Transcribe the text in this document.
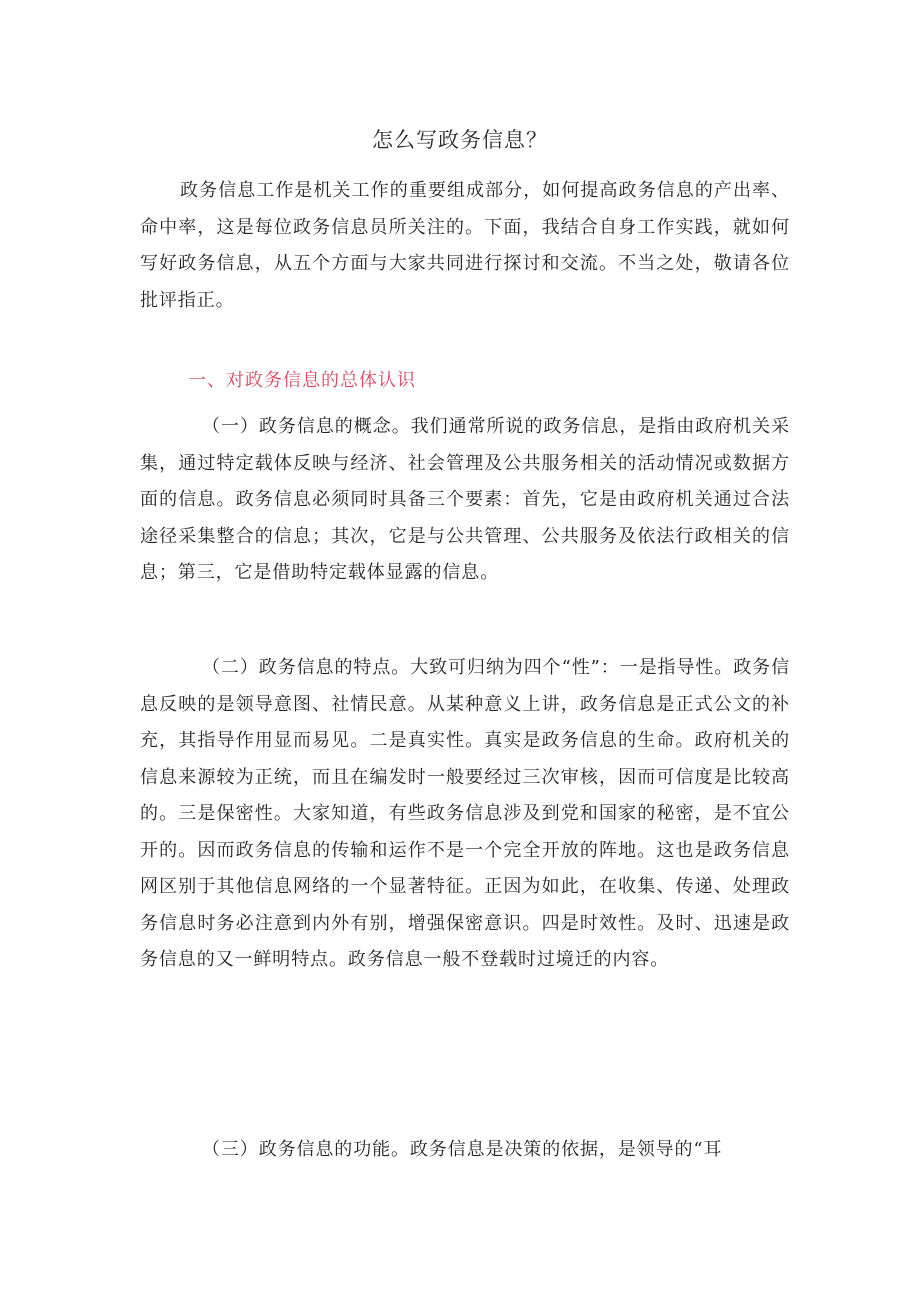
怎么写政务信息？

政务信息工作是机关工作的重要组成部分，如何提高政务信息的产出率、命中率，这是每位政务信息员所关注的。下面，我结合自身工作实践，就如何写好政务信息，从五个方面与大家共同进行探讨和交流。不当之处，敬请各位批评指正。

一、对政务信息的总体认识

（一）政务信息的概念。我们通常所说的政务信息，是指由政府机关采集，通过特定载体反映与经济、社会管理及公共服务相关的活动情况或数据方面的信息。政务信息必须同时具备三个要素：首先，它是由政府机关通过合法途径采集整合的信息；其次，它是与公共管理、公共服务及依法行政相关的信息；第三，它是借助特定载体显露的信息。

（二）政务信息的特点。大致可归纳为四个“性”：一是指导性。政务信息反映的是领导意图、社情民意。从某种意义上讲，政务信息是正式公文的补充，其指导作用显而易见。二是真实性。真实是政务信息的生命。政府机关的信息来源较为正统，而且在编发时一般要经过三次审核，因而可信度是比较高的。三是保密性。大家知道，有些政务信息涉及到党和国家的秘密，是不宜公开的。因而政务信息的传输和运作不是一个完全开放的阵地。这也是政务信息网区别于其他信息网络的一个显著特征。正因为如此，在收集、传递、处理政务信息时务必注意到内外有别，增强保密意识。四是时效性。及时、迅速是政务信息的又一鲜明特点。政务信息一般不登载时过境迁的内容。

（三）政务信息的功能。政务信息是决策的依据，是领导的“耳
